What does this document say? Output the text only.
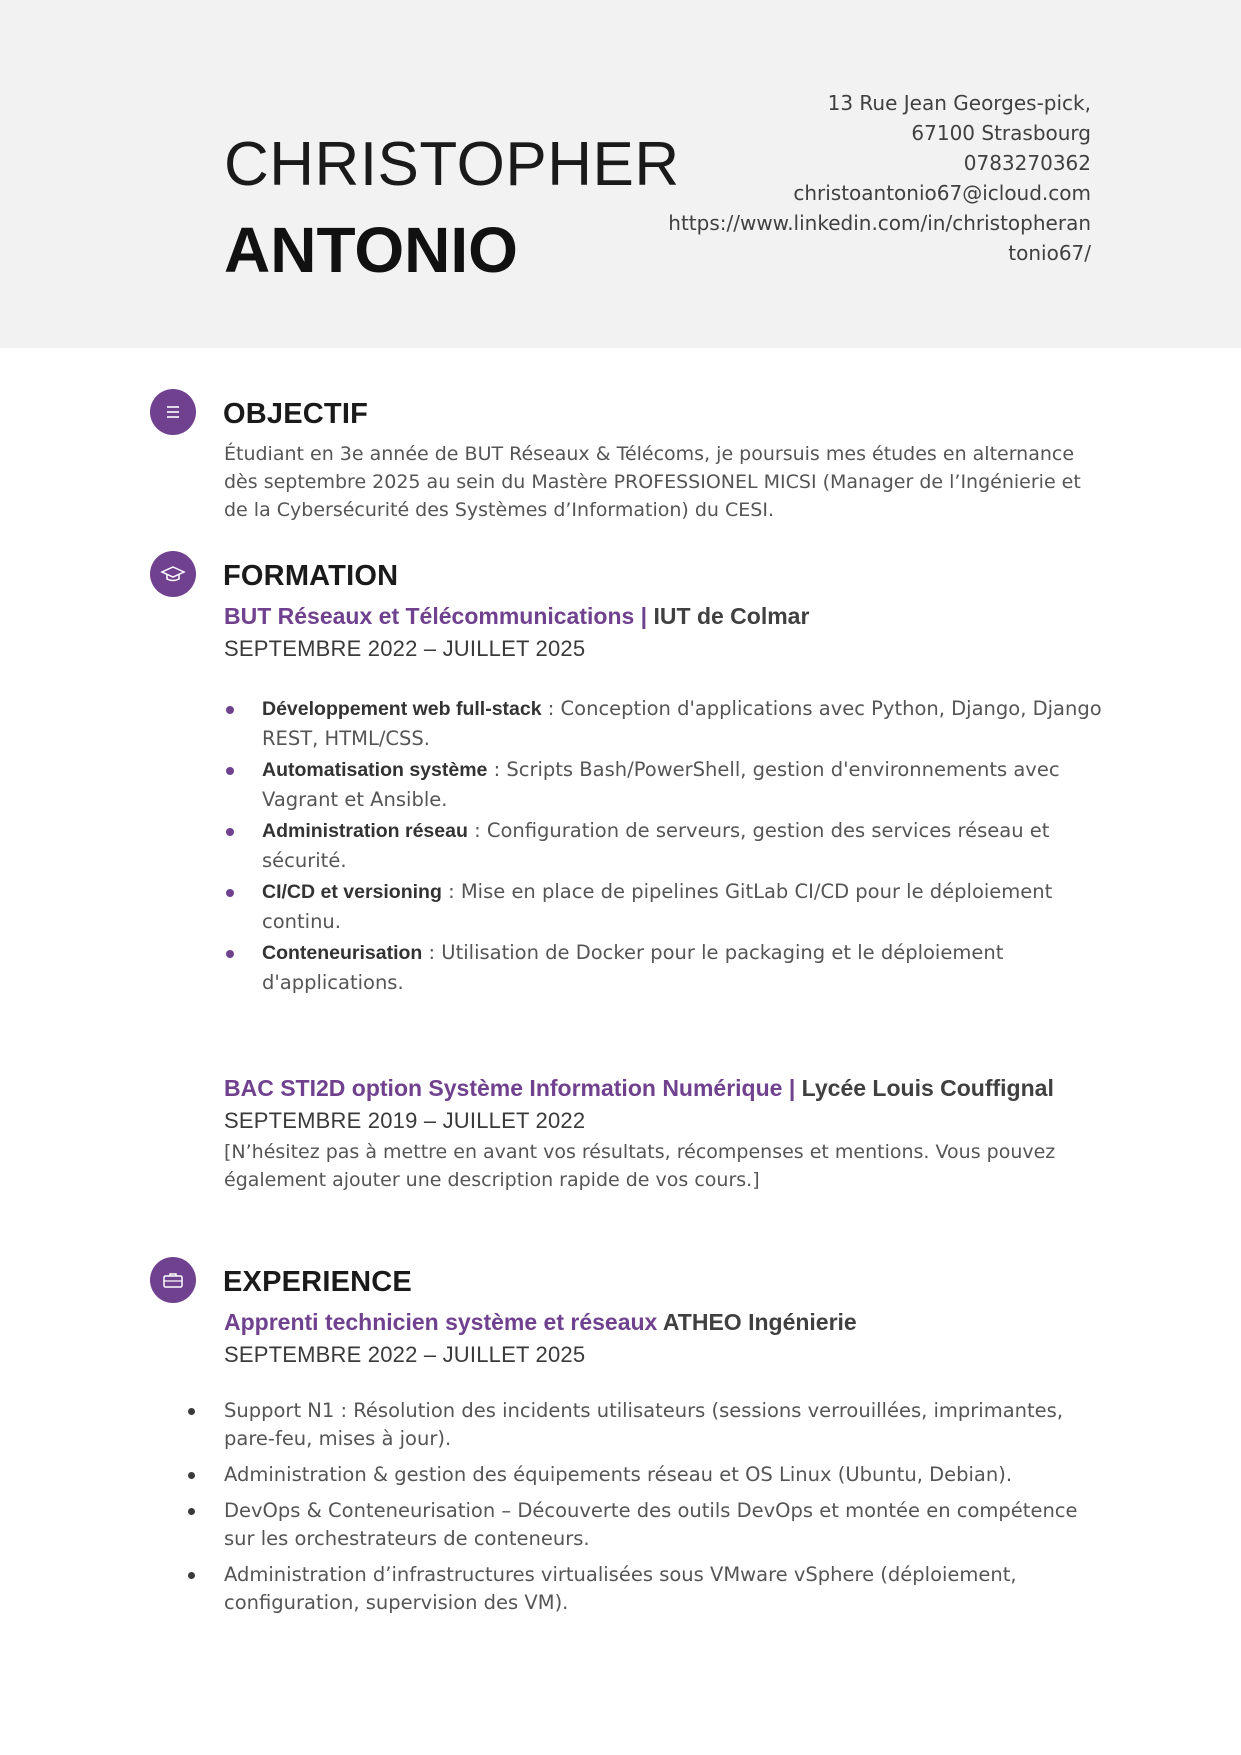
CHRISTOPHER
ANTONIO
13 Rue Jean Georges-pick,
67100 Strasbourg
0783270362
christoantonio67@icloud.com
https://www.linkedin.com/in/christopheran
tonio67/
OBJECTIF
Étudiant en 3e année de BUT Réseaux & Télécoms, je poursuis mes études en alternance dès septembre 2025 au sein du Mastère PROFESSIONEL MICSI (Manager de l’Ingénierie et de la Cybersécurité des Systèmes d’Information) du CESI.
FORMATION
BUT Réseaux et Télécommunications | IUT de Colmar
SEPTEMBRE 2022 – JUILLET 2025
Développement web full-stack : Conception d'applications avec Python, Django, Django REST, HTML/CSS.
Automatisation système : Scripts Bash/PowerShell, gestion d'environnements avec Vagrant et Ansible.
Administration réseau : Configuration de serveurs, gestion des services réseau et sécurité.
CI/CD et versioning : Mise en place de pipelines GitLab CI/CD pour le déploiement continu.
Conteneurisation : Utilisation de Docker pour le packaging et le déploiement d'applications.
BAC STI2D option Système Information Numérique | Lycée Louis Couffignal
SEPTEMBRE 2019 – JUILLET 2022
[N’hésitez pas à mettre en avant vos résultats, récompenses et mentions. Vous pouvez également ajouter une description rapide de vos cours.]
EXPERIENCE
Apprenti technicien système et réseaux ATHEO Ingénierie
SEPTEMBRE 2022 – JUILLET 2025
Support N1 : Résolution des incidents utilisateurs (sessions verrouillées, imprimantes, pare-feu, mises à jour).
Administration & gestion des équipements réseau et OS Linux (Ubuntu, Debian).
DevOps & Conteneurisation – Découverte des outils DevOps et montée en compétence sur les orchestrateurs de conteneurs.
Administration d’infrastructures virtualisées sous VMware vSphere (déploiement, configuration, supervision des VM).
